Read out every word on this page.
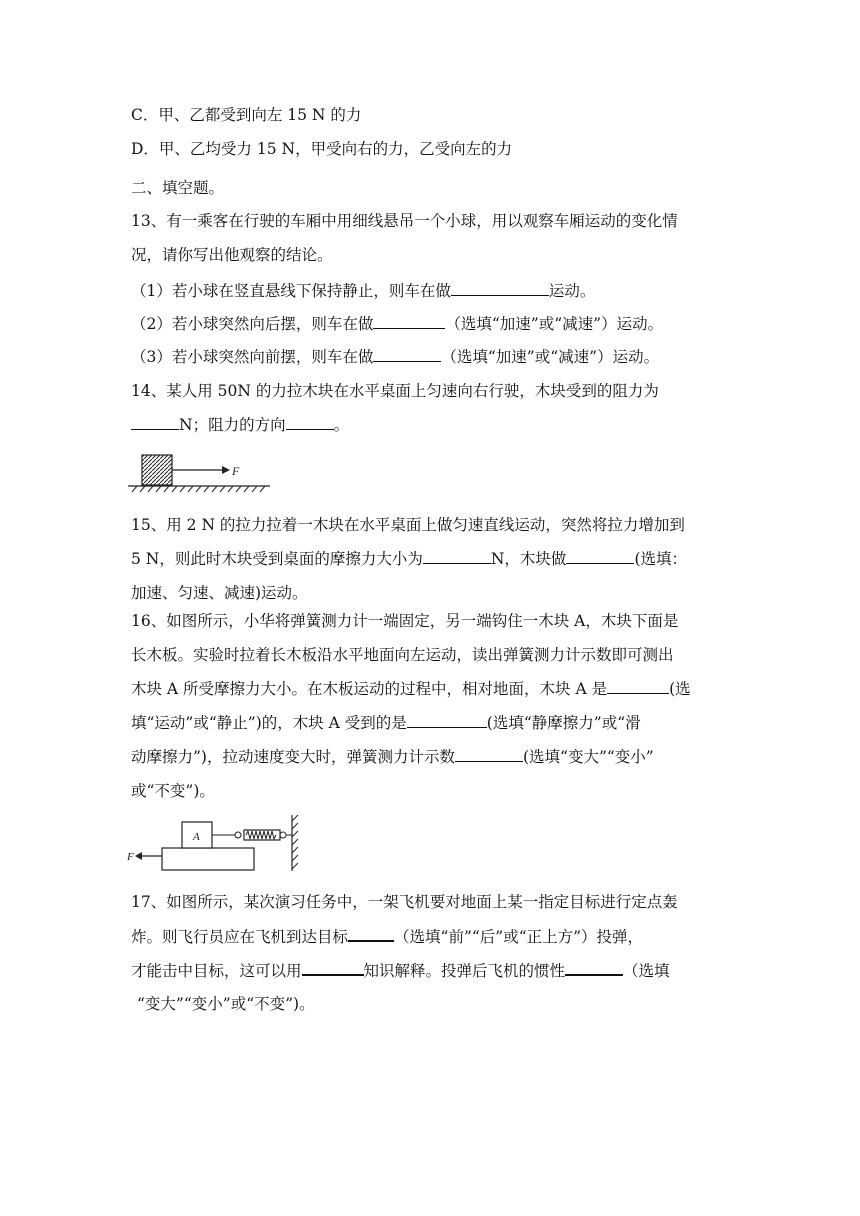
C．甲、乙都受到向左 15 N 的力
D．甲、乙均受力 15 N，甲受向右的力，乙受向左的力
二、填空题。
13、有一乘客在行驶的车厢中用细线悬吊一个小球，用以观察车厢运动的变化情
况，请你写出他观察的结论。
（1）若小球在竖直悬线下保持静止，则车在做	运动。
（2）若小球突然向后摆，则车在做	（选填“加速”或“减速”）运动。
（3）若小球突然向前摆，则车在做	（选填“加速”或“减速”）运动。
14、某人用 50N 的力拉木块在水平桌面上匀速向右行驶，木块受到的阻力为
N；阻力的方向	。
F
15、用 2 N 的拉力拉着一木块在水平桌面上做匀速直线运动，突然将拉力增加到
5 N，则此时木块受到桌面的摩擦力大小为	N，木块做	(选填：
加速、匀速、减速)运动。
16、如图所示，小华将弹簧测力计一端固定，另一端钩住一木块 A，木块下面是
长木板。实验时拉着长木板沿水平地面向左运动，读出弹簧测力计示数即可测出
木块 A 所受摩擦力大小。在木板运动的过程中，相对地面，木块 A 是	(选
填“运动”或“静止”)的，木块 A 受到的是	(选填“静摩擦力”或“滑
动摩擦力”)，拉动速度变大时，弹簧测力计示数	(选填“变大”“变小”
或“不变”)。
A
F
17、如图所示，某次演习任务中，一架飞机要对地面上某一指定目标进行定点轰
炸。则飞行员应在飞机到达目标	（选填“前”“后”或“正上方”）投弹，
才能击中目标，这可以用	知识解释。投弹后飞机的惯性	（选填
“变大”“变小”或“不变”)。
